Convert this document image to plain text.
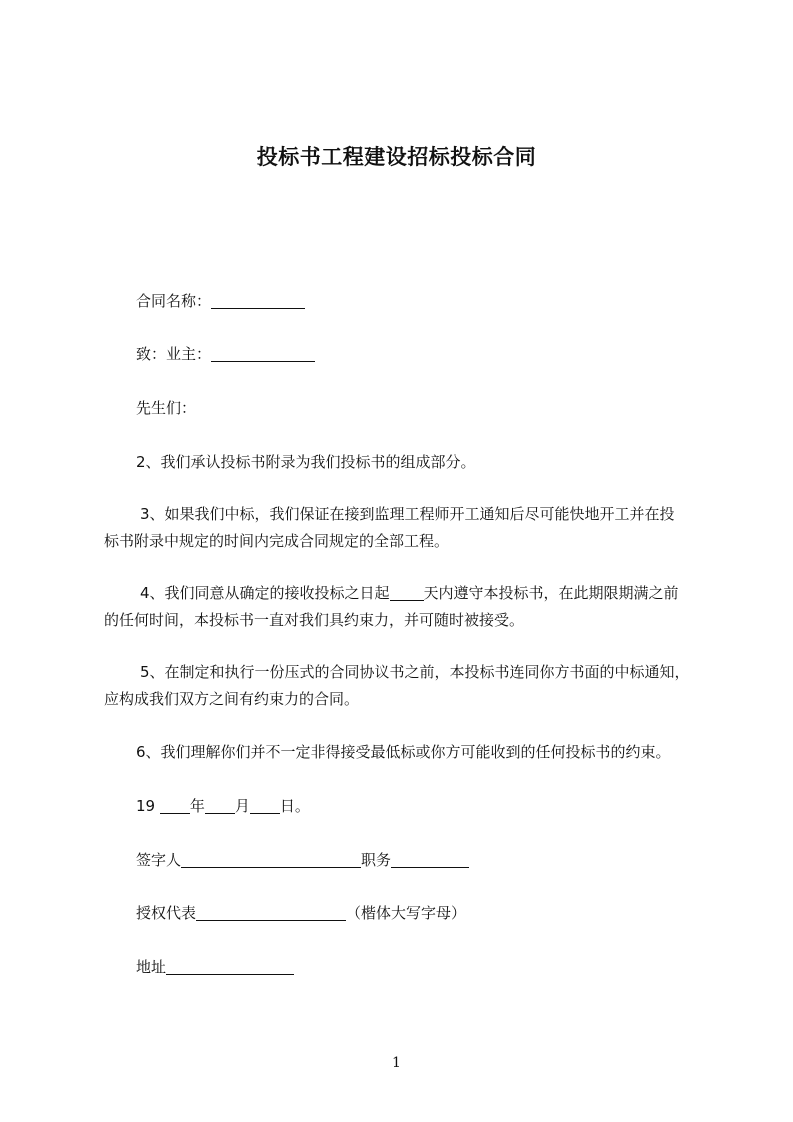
投标书工程建设招标投标合同
合同名称：
致：业主：
先生们：
2、我们承认投标书附录为我们投标书的组成部分。
3、如果我们中标，我们保证在接到监理工程师开工通知后尽可能快地开工并在投
标书附录中规定的时间内完成合同规定的全部工程。
4、我们同意从确定的接收投标之日起 天内遵守本投标书，在此期限期满之前
的任何时间，本投标书一直对我们具约束力，并可随时被接受。
5、在制定和执行一份压式的合同协议书之前，本投标书连同你方书面的中标通知，
应构成我们双方之间有约束力的合同。
6、我们理解你们并不一定非得接受最低标或你方可能收到的任何投标书的约束。
19 年 月 日。
签字人	职务
授权代表	（楷体大写字母）
地址
1
